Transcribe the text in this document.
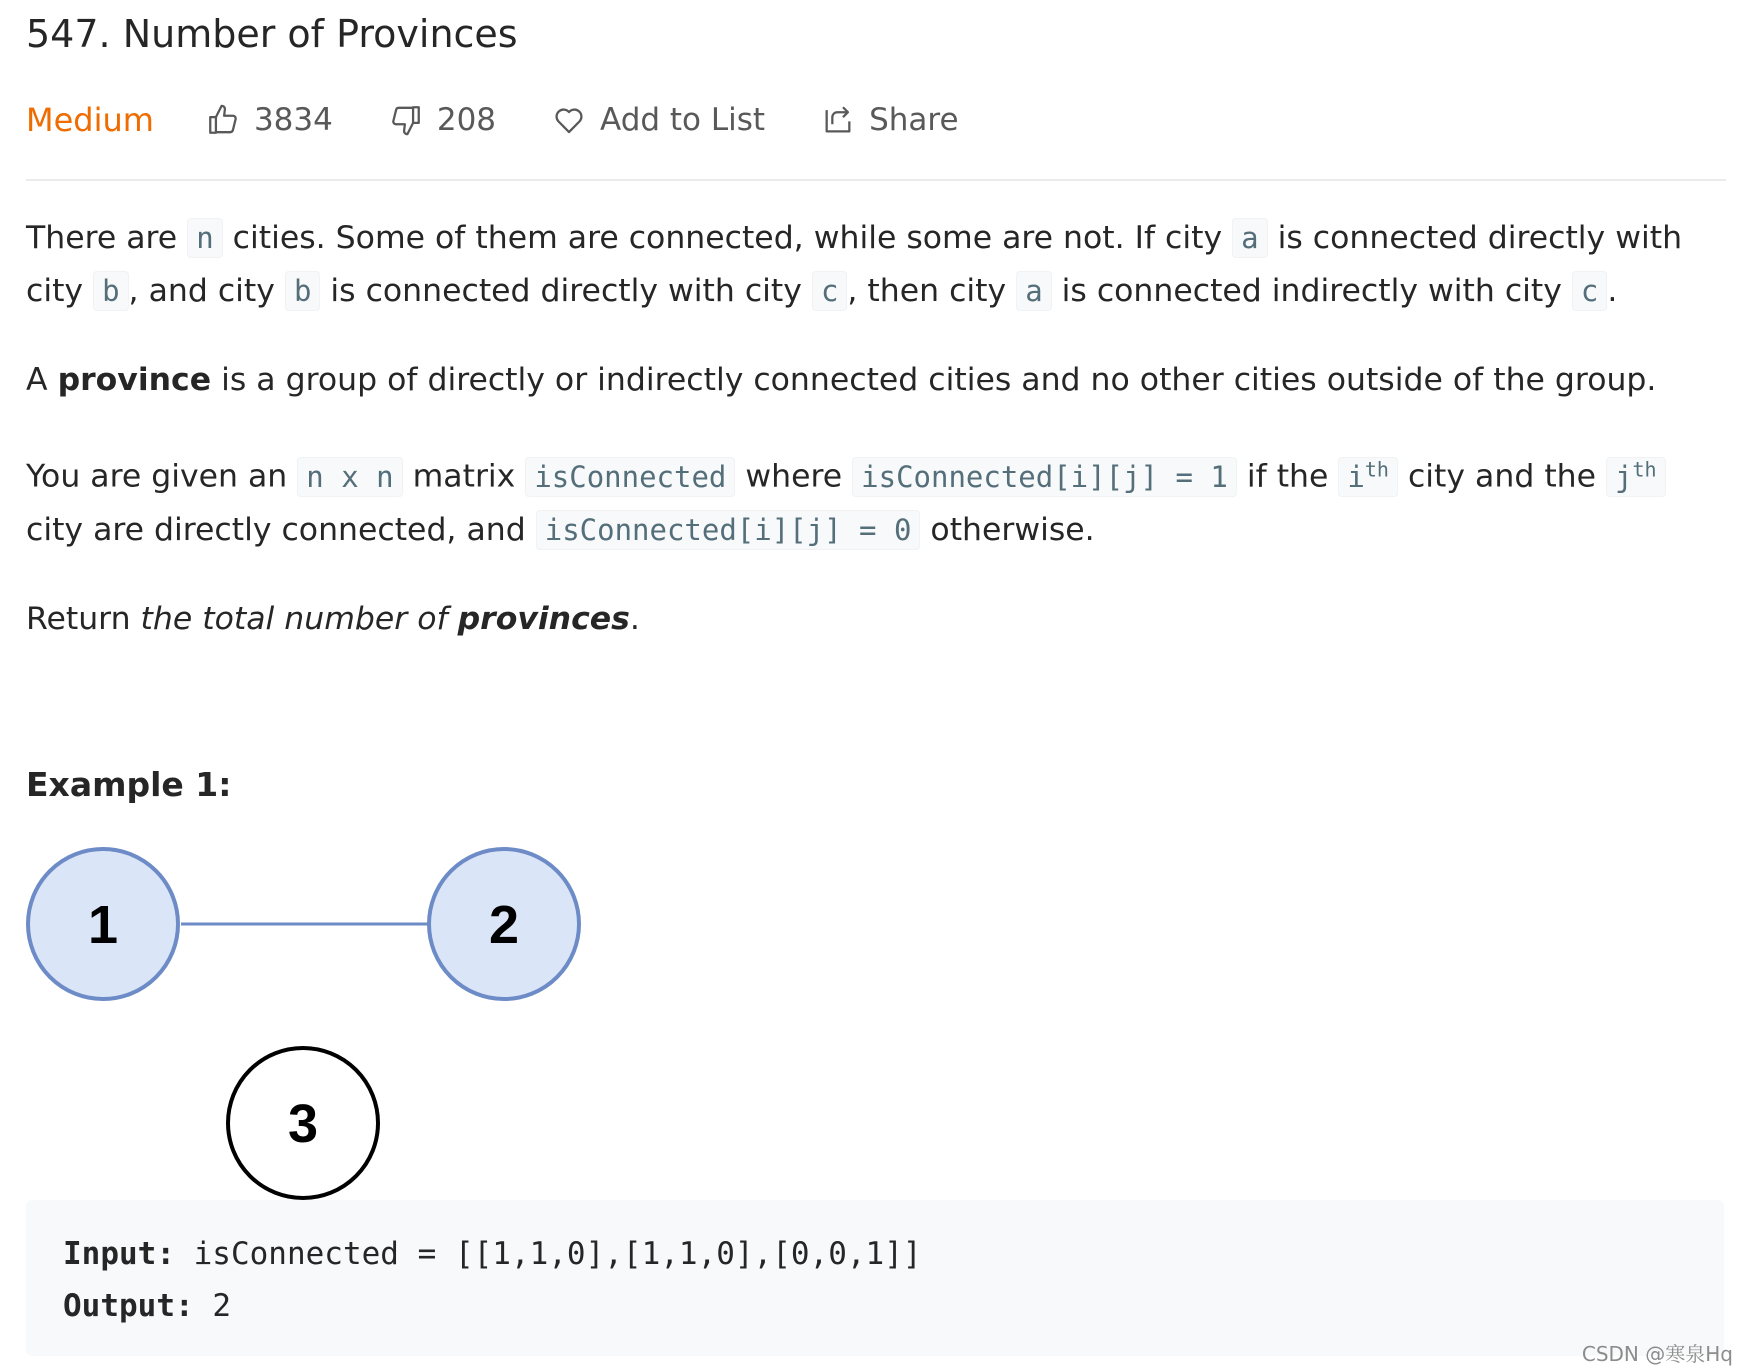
547. Number of Provinces
Medium	3834	208	Add to List	Share

There are n cities. Some of them are connected, while some are not. If city a is connected directly with city b , and city b is connected directly with city c , then city a is connected indirectly with city c .

A province is a group of directly or indirectly connected cities and no other cities outside of the group.

You are given an n x n matrix isConnected where isConnected[i][j] = 1 if the $i^{th}$ city and the $j^{th}$ city are directly connected, and isConnected[i][j] = 0 otherwise.

Return the total number of provinces.

Example 1:
1	2
3
Input: isConnected = [[1,1,0],[1,1,0],[0,0,1]]
Output: 2
CSDN @寒泉Hq
